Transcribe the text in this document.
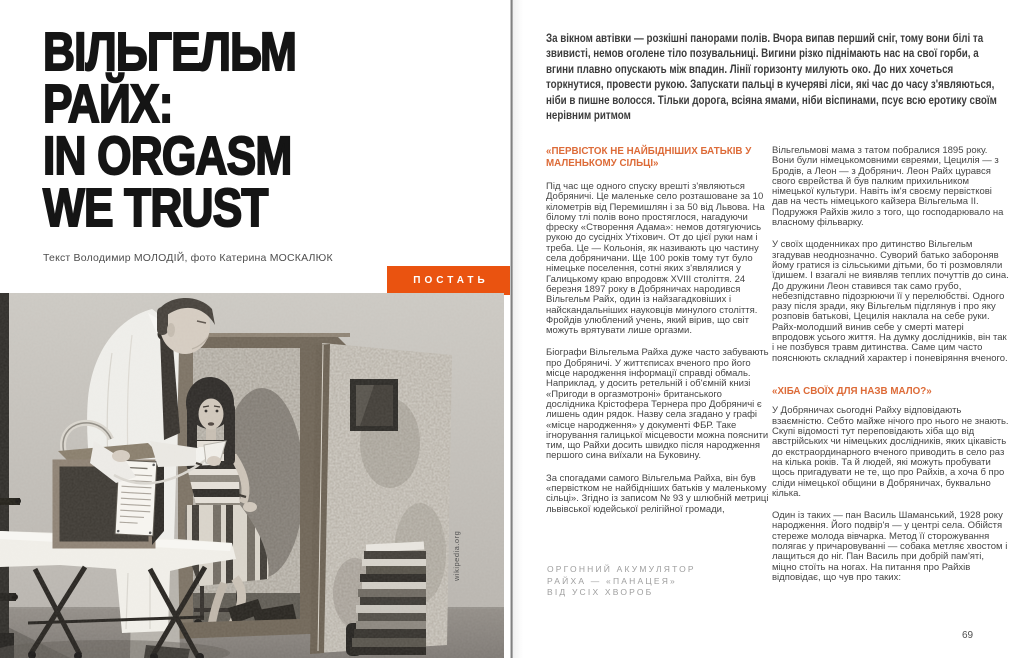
ВІЛЬГЕЛЬМ
РАЙХ:
IN ORGASM
WE TRUST
Текст Володимир МОЛОДІЙ, фото Катерина МОСКАЛЮК
ПОСТАТЬ
wikipedia.org
За вікном автівки — розкішні панорами полів. Вчора випав перший сніг, тому вони білі та звивисті, немов оголене тіло позувальниці. Вигини різко піднімають нас на свої горби, а вгини плавно опускають між впадин. Лінії горизонту милують око. До них хочеться торкнутися, провести рукою. Запускати пальці в кучеряві ліси, які час до часу з'являються, ніби в пишне волосся. Тільки дорога, всіяна ямами, ніби віспинами, псує всю еротику своїм нерівним ритмом
«ПЕРВІСТОК НЕ НАЙБІДНІШИХ БАТЬКІВ У МАЛЕНЬКОМУ СІЛЬЦІ»

Під час ще одного спуску врешті з'являються Добряничі. Це маленьке село розташоване за 10 кілометрів від Перемишлян і за 50 від Львова. На білому тлі полів воно простяглося, нагадуючи фреску «Створення Адама»: немов дотягуючись рукою до сусідніх Утіхович. От до цієї руки нам і треба. Це — Кольонія, як називають цю частину села добряничани. Ще 100 років тому тут було німецьке поселення, сотні яких з'являлися у Галицькому краю впродовж XVIII століття. 24 березня 1897 року в Добряничах народився Вільгельм Райх, один із найзагадковіших і найскандальніших науковців минулого століття. Фройдів улюблений учень, який вірив, що світ можуть врятувати лише оргазми.

Біографи Вільгельма Райха дуже часто забувають про Добряничі. У життєписах вченого про його місце народження інформації справді обмаль. Наприклад, у досить ретельній і об'ємній книзі «Пригоди в оргазмотроні» британського дослідника Крістофера Тернера про Добряничі є лишень один рядок. Назву села згадано у графі «місце народження» у документі ФБР. Таке ігнорування галицької місцевости можна пояснити тим, що Райхи досить швидко після народження першого сина виїхали на Буковину.

За спогадами самого Вільгельма Райха, він був «первістком не найбідніших батьків у маленькому сільці». Згідно із записом № 93 у шлюбній метриці львівської юдейської релігійної громади,

ОРГОННИЙ АКУМУЛЯТОР
РАЙХА — «ПАНАЦЕЯ»
ВІД УСІХ ХВОРОБ

Вільгельмові мама з татом побралися 1895 року. Вони були німецькомовними євреями, Цецилія — з Бродів, а Леон — з Добрянич. Леон Райх цурався свого єврейства й був палким прихильником німецької культури. Навіть ім'я своєму первісткові дав на честь німецького кайзера Вільгельма II. Подружжя Райхів жило з того, що господарювало на власному фільварку.

У своїх щоденниках про дитинство Вільгельм згадував неоднозначно. Суворий батько забороняв йому гратися із сільськими дітьми, бо ті розмовляли їдишем. І взагалі не виявляв теплих почуттів до сина. До дружини Леон ставився так само грубо, небезпідставно підозрюючи її у перелюбстві. Одного разу після зради, яку Вільгельм підглянув і про яку розповів батькові, Цецилія наклала на себе руки. Райх-молодший винив себе у смерті матері впродовж усього життя. На думку дослідників, він так і не позбувся травм дитинства. Саме цим часто пояснюють складний характер і поневіряння вченого.

«ХІБА СВОЇХ ДЛЯ НАЗВ МАЛО?»

У Добряничах сьогодні Райху відповідають взаємністю. Себто майже нічого про нього не знають. Скупі відомості тут переповідають хіба що від австрійських чи німецьких дослідників, яких цікавість до екстраординарного вченого приводить в село раз на кілька років. Та й людей, які можуть пробувати щось пригадувати не те, що про Райхів, а хоча б про сліди німецької общини в Добряничах, буквально кілька.

Один із таких — пан Василь Шаманський, 1928 року народження. Його подвір'я — у центрі села. Обійстя стереже молода вівчарка. Метод її сторожування полягає у причаровуванні — собака метляє хвостом і лащиться до ніг. Пан Василь при добрій пам'яті, міцно стоїть на ногах. На питання про Райхів відповідає, що чув про таких:

69
